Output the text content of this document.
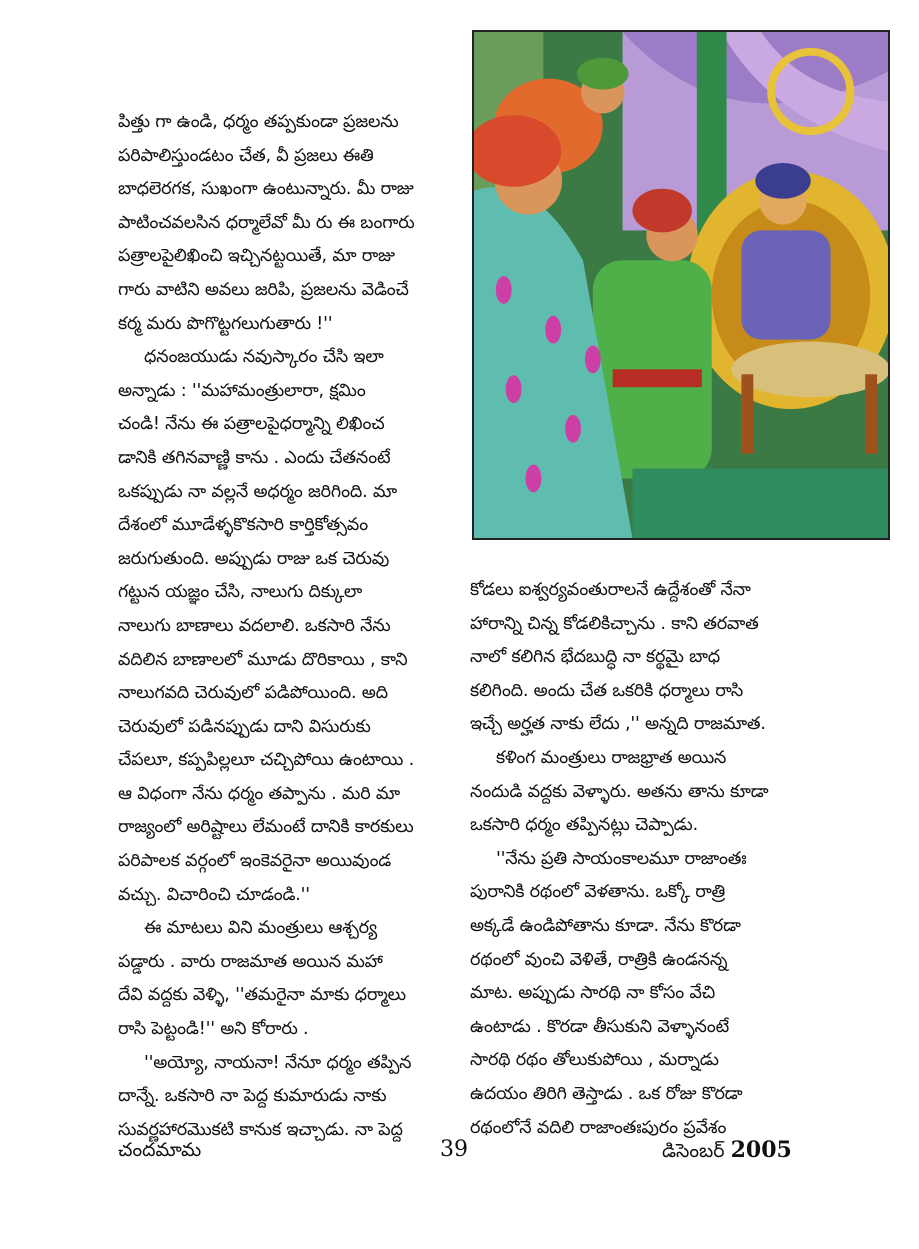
పిత్తు గా ఉండి, ధర్మం తప్పకుండా ప్రజలను
పరిపాలిస్తుండటం చేత, వీ ప్రజలు ఈతి
బాధలెరగక, సుఖంగా ఉంటున్నారు. మీ రాజు
పాటించవలసిన ధర్మాలేవో మీ రు ఈ బంగారు
పత్రాలపైలిఖించి ఇచ్చినట్టయితే, మా రాజు
గారు వాటిని అవలు జరిపి, ప్రజలను వెడించే
కర్మ మరు పొగొట్టగలుగుతారు !''
ధనంజయుడు నవుస్కారం చేసి ఇలా
అన్నాడు : ''మహామంత్రులారా, క్షమిం
చండి! నేను ఈ పత్రాలపైధర్మాన్ని లిఖించ
డానికి తగినవాణ్ణి కాను . ఎందు చేతనంటే
ఒకప్పుడు నా వల్లనే అధర్మం జరిగింది. మా
దేశంలో మూడేళ్ళకొకసారి కార్తికోత్సవం
జరుగుతుంది. అప్పుడు రాజు ఒక చెరువు
గట్టున యజ్ఞం చేసి, నాలుగు దిక్కులా
నాలుగు బాణాలు వదలాలి. ఒకసారి నేను
వదిలిన బాణాలలో మూడు దొరికాయి , కాని
నాలుగవది చెరువులో పడిపోయింది. అది
చెరువులో పడినప్పుడు దాని విసురుకు
చేపలూ, కప్పపిల్లలూ చచ్చిపోయి ఉంటాయి .
ఆ విధంగా నేను ధర్మం తప్పాను . మరి మా
రాజ్యంలో అరిష్టాలు లేమంటే దానికి కారకులు
పరిపాలక వర్గంలో ఇంకెవరైనా అయివుండ
వచ్చు. విచారించి చూడండి.''
ఈ మాటలు విని మంత్రులు ఆశ్చర్య
పడ్డారు . వారు రాజమాత అయిన మహా
దేవి వద్దకు వెళ్ళి, ''తమరైనా మాకు ధర్మాలు
రాసి పెట్టండి!'' అని కోరారు .
''అయ్యో, నాయనా! నేనూ ధర్మం తప్పిన
దాన్నే. ఒకసారి నా పెద్ద కుమారుడు నాకు
సువర్ణహారమొకటి కానుక ఇచ్చాడు. నా పెద్ద
కోడలు ఐశ్వర్యవంతురాలనే ఉద్దేశంతో నేనా
హారాన్ని చిన్న కోడలికిచ్చాను . కాని తరవాత
నాలో కలిగిన భేదబుద్ధి నా కర్థమై బాధ
కలిగింది. అందు చేత ఒకరికి ధర్మాలు రాసి
ఇచ్చే అర్హత నాకు లేదు ,'' అన్నది రాజమాత.
కళింగ మంత్రులు రాజభ్రాత అయిన
నందుడి వద్దకు వెళ్ళారు. అతను తాను కూడా
ఒకసారి ధర్మం తప్పినట్లు చెప్పాడు.
''నేను ప్రతి సాయంకాలమూ రాజాంతః
పురానికి రథంలో వెళతాను. ఒక్కో రాత్రి
అక్కడే ఉండిపోతాను కూడా. నేను కొరడా
రథంలో వుంచి వెళితే, రాత్రికి ఉండనన్న
మాట. అప్పుడు సారథి నా కోసం వేచి
ఉంటాడు . కొరడా తీసుకుని వెళ్ళానంటే
సారథి రథం తోలుకుపోయి , మర్నాడు
ఉదయం తిరిగి తెస్తాడు . ఒక రోజు కొరడా
రథంలోనే వదిలి రాజాంతఃపురం ప్రవేశం
చందమామ	39	డిసెంబర్ 2005
